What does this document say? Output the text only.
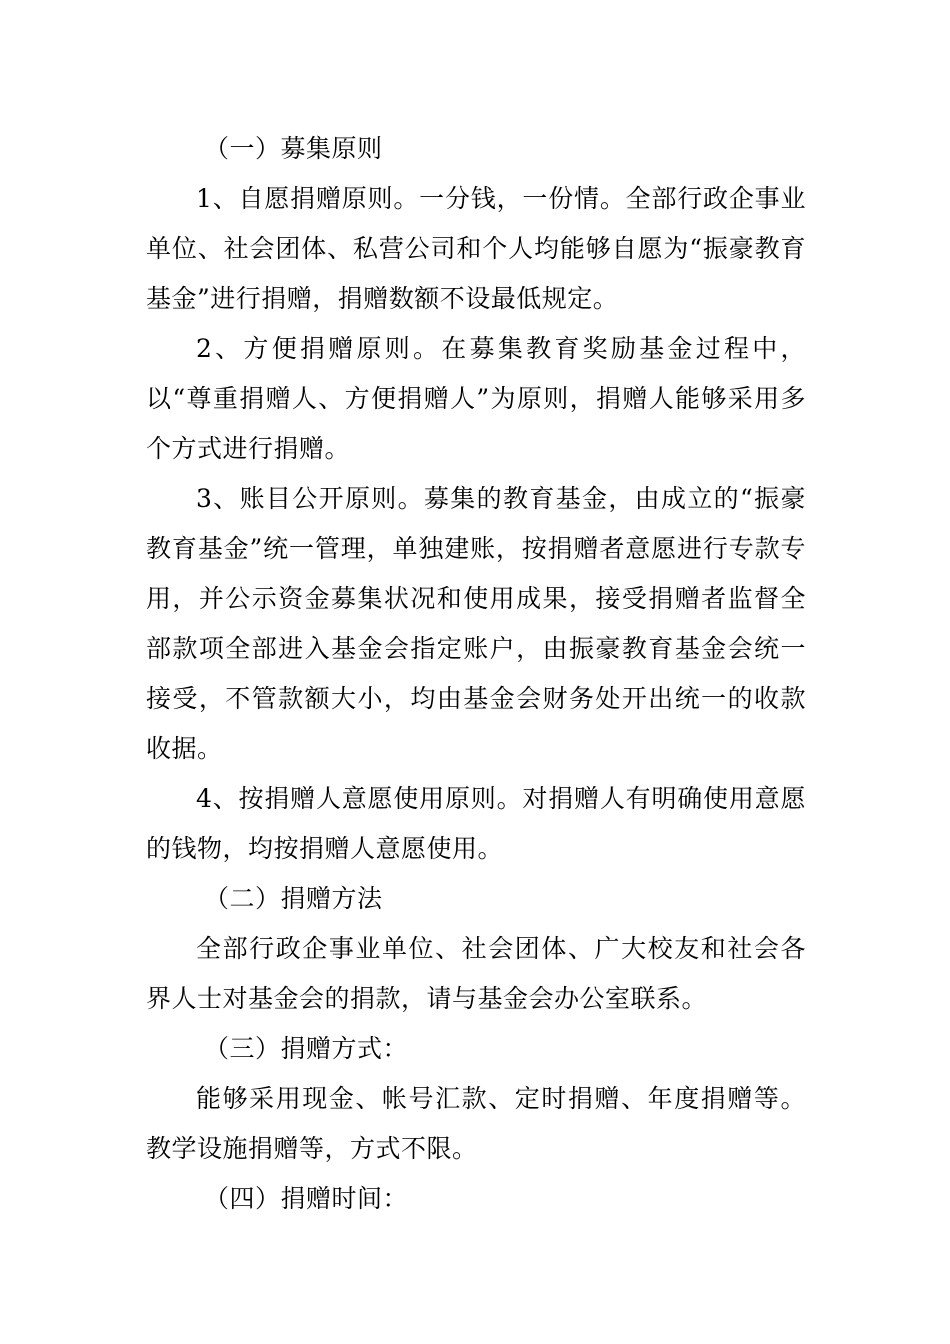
（一）募集原则

1、自愿捐赠原则。一分钱，一份情。全部行政企事业单位、社会团体、私营公司和个人均能够自愿为“振豪教育基金”进行捐赠，捐赠数额不设最低规定。

2、方便捐赠原则。在募集教育奖励基金过程中，以“尊重捐赠人、方便捐赠人”为原则，捐赠人能够采用多个方式进行捐赠。

3、账目公开原则。募集的教育基金，由成立的“振豪教育基金”统一管理，单独建账，按捐赠者意愿进行专款专用，并公示资金募集状况和使用成果，接受捐赠者监督全部款项全部进入基金会指定账户，由振豪教育基金会统一接受，不管款额大小，均由基金会财务处开出统一的收款收据。

4、按捐赠人意愿使用原则。对捐赠人有明确使用意愿的钱物，均按捐赠人意愿使用。

（二）捐赠方法

全部行政企事业单位、社会团体、广大校友和社会各界人士对基金会的捐款，请与基金会办公室联系。

（三）捐赠方式：

能够采用现金、帐号汇款、定时捐赠、年度捐赠等。教学设施捐赠等，方式不限。

（四）捐赠时间：
